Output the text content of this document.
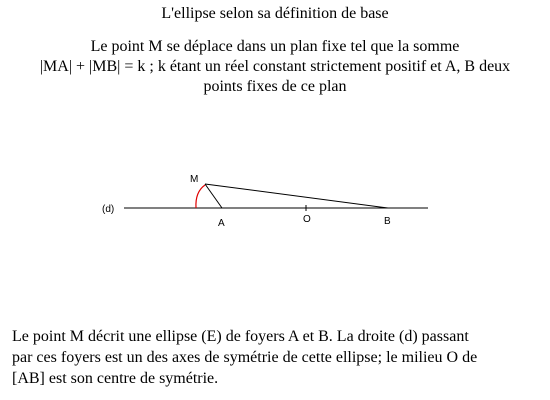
L'ellipse selon sa définition de base
Le point M se déplace dans un plan fixe tel que la somme
|MA| + |MB| = k ; k étant un réel constant strictement positif et A, B deux
points fixes de ce plan
(d)
M
A	O	B
Le point M décrit une ellipse (E) de foyers A et B. La droite (d) passant
par ces foyers est un des axes de symétrie de cette ellipse; le milieu O de
[AB] est son centre de symétrie.
